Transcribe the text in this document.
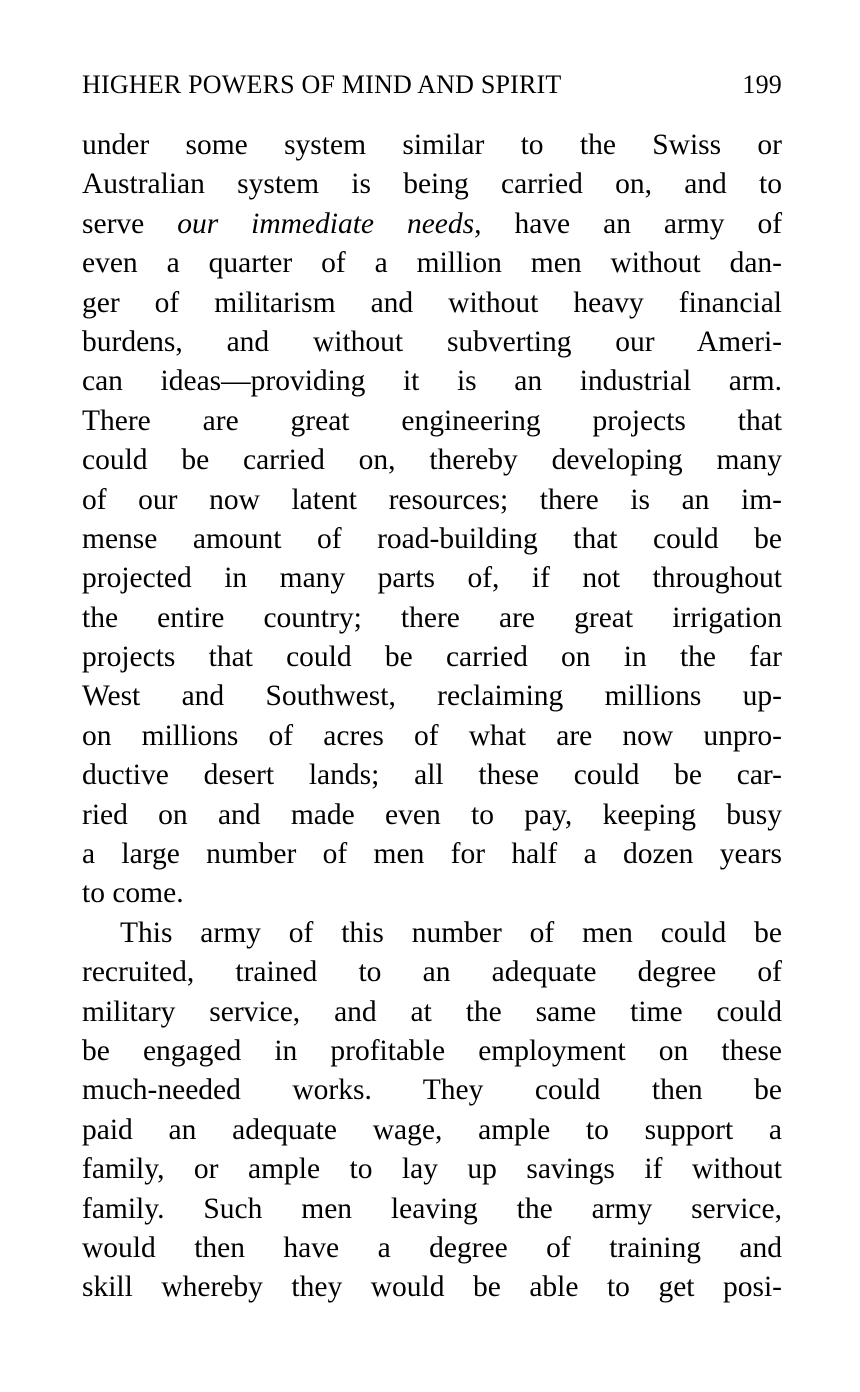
HIGHER POWERS OF MIND AND SPIRIT	199
under some system similar to the Swiss or
Australian system is being carried on, and to
serve our immediate needs, have an army of
even a quarter of a million men without dan-
ger of militarism and without heavy financial
burdens, and without subverting our Ameri-
can ideas—providing it is an industrial arm.
There are great engineering projects that
could be carried on, thereby developing many
of our now latent resources; there is an im-
mense amount of road-building that could be
projected in many parts of, if not throughout
the entire country; there are great irrigation
projects that could be carried on in the far
West and Southwest, reclaiming millions up-
on millions of acres of what are now unpro-
ductive desert lands; all these could be car-
ried on and made even to pay, keeping busy
a large number of men for half a dozen years
to come.
This army of this number of men could be
recruited, trained to an adequate degree of
military service, and at the same time could
be engaged in profitable employment on these
much-needed works. They could then be
paid an adequate wage, ample to support a
family, or ample to lay up savings if without
family. Such men leaving the army service,
would then have a degree of training and
skill whereby they would be able to get posi-
